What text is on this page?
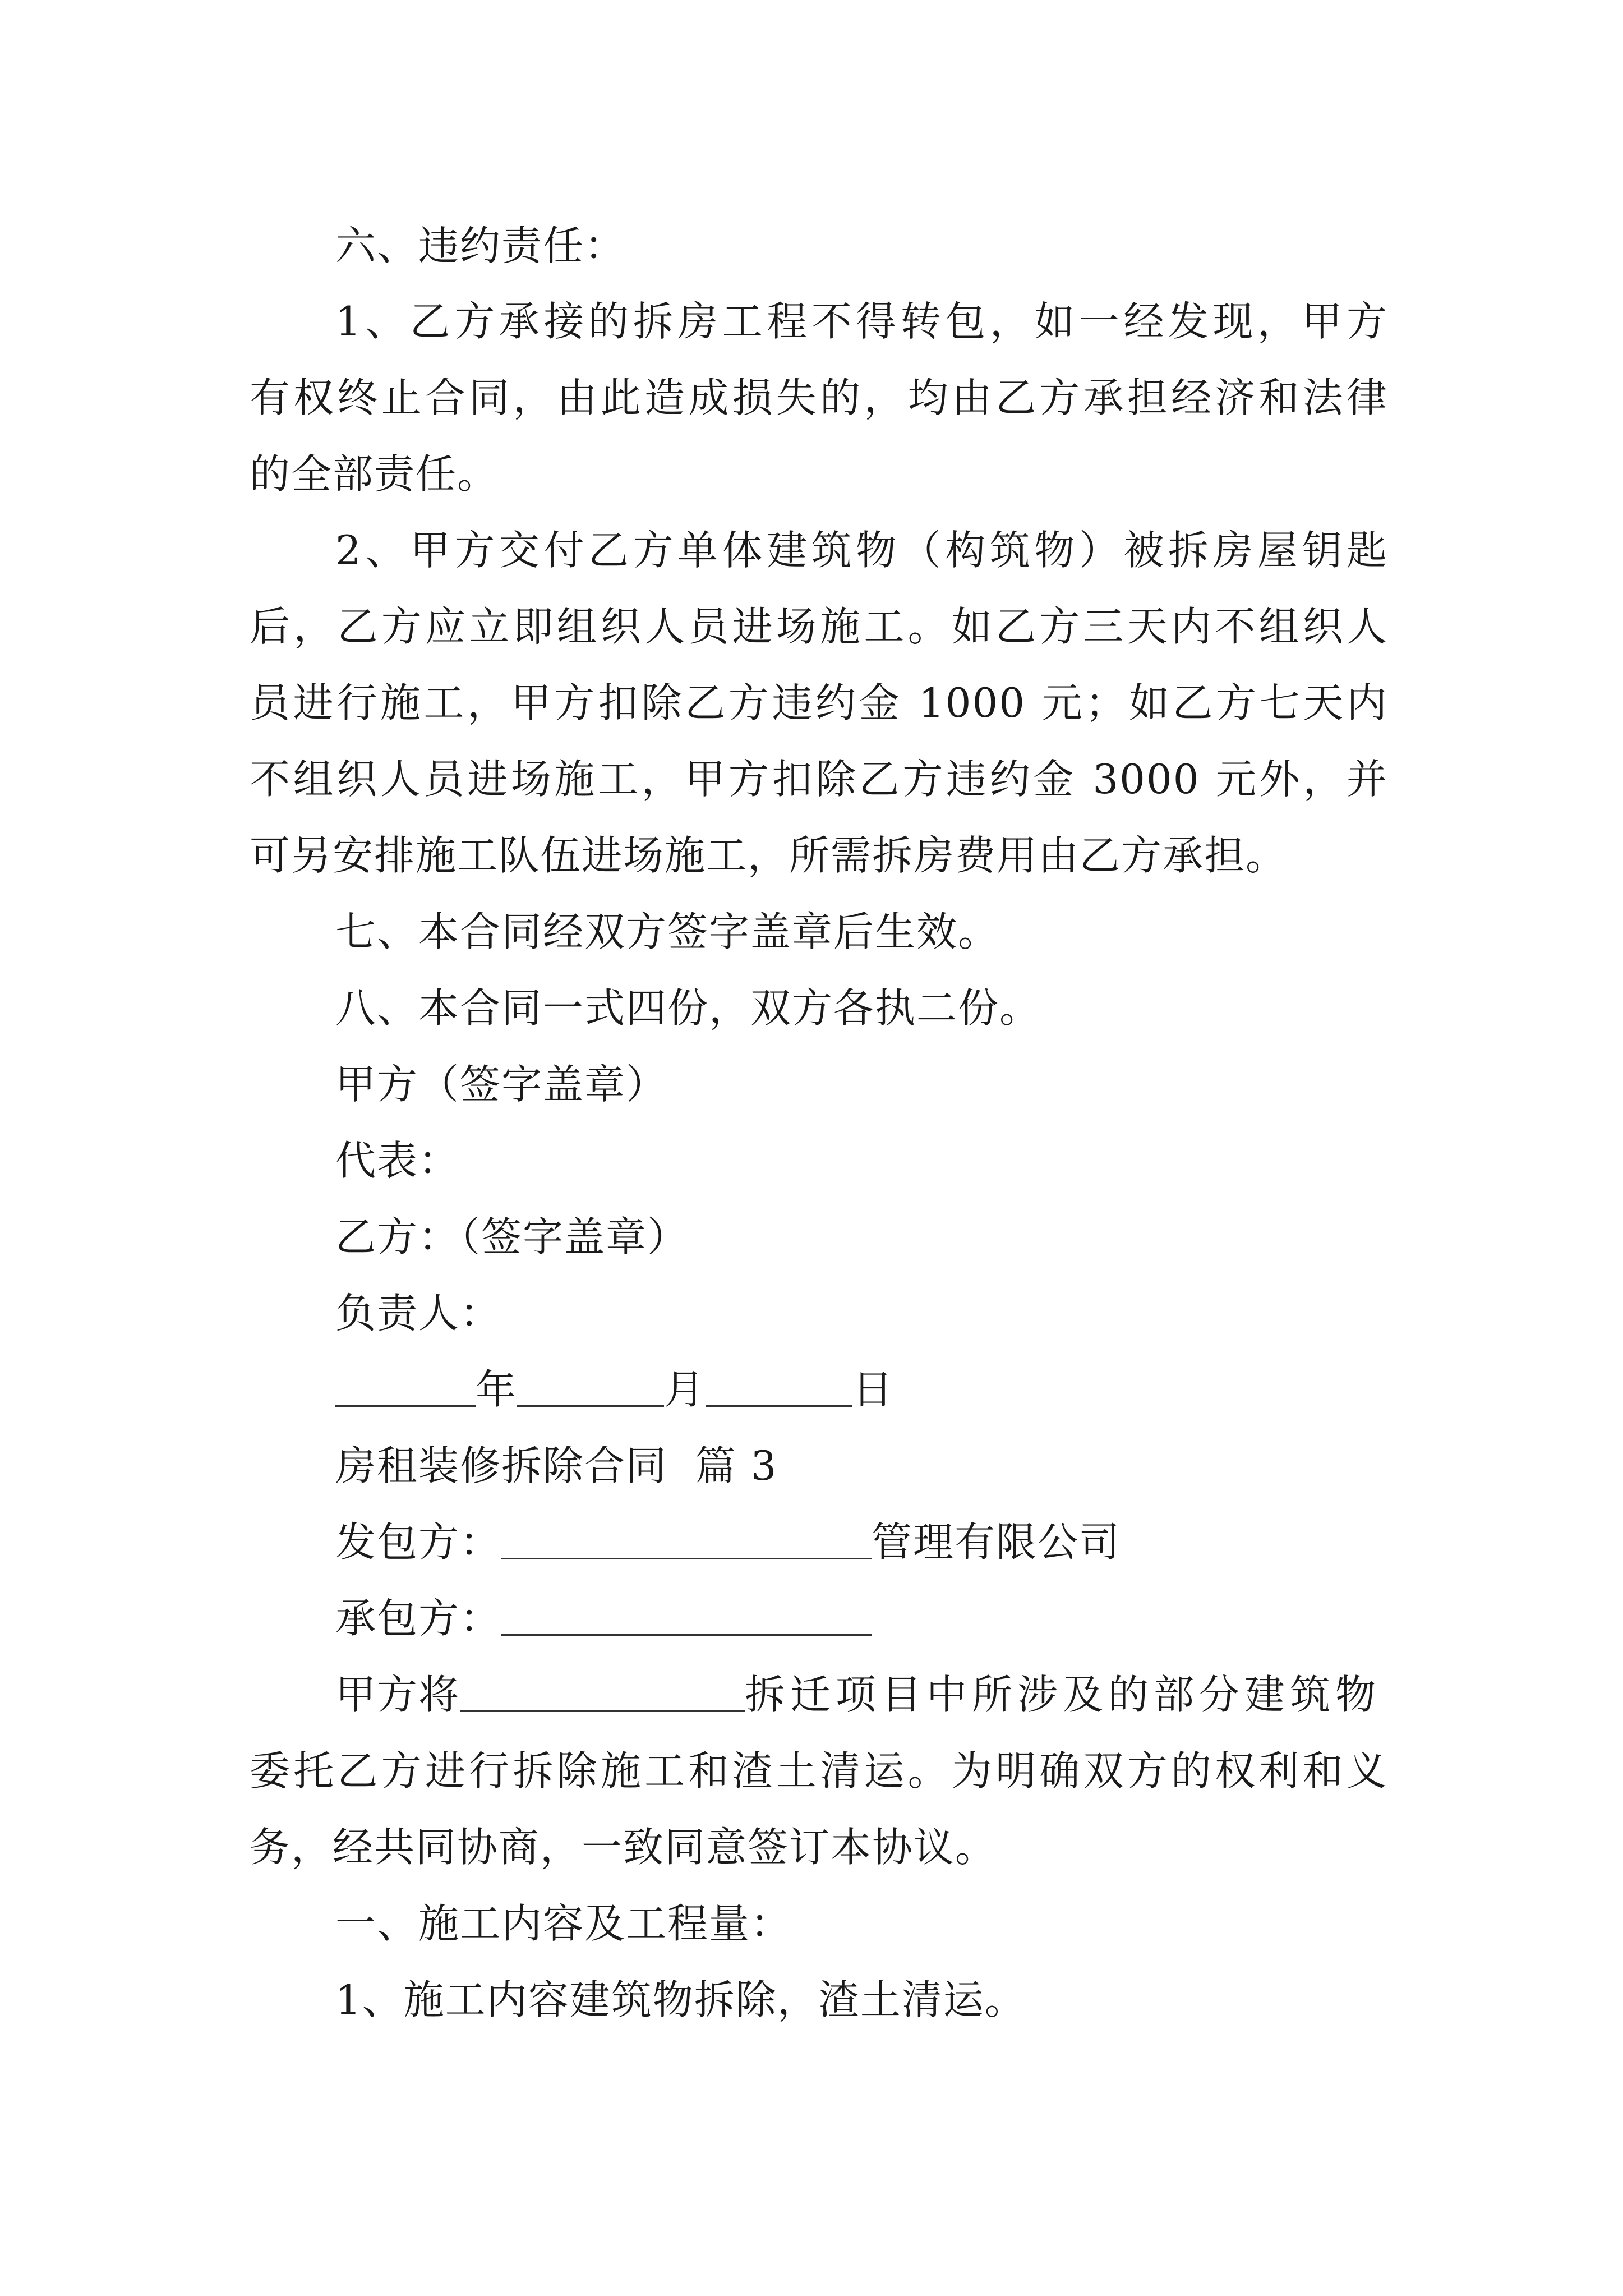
六、违约责任：
1、乙方承接的拆房工程不得转包，如一经发现，甲方
有权终止合同，由此造成损失的，均由乙方承担经济和法律
的全部责任。
2、甲方交付乙方单体建筑物（构筑物）被拆房屋钥匙
后，乙方应立即组织人员进场施工。如乙方三天内不组织人
员进行施工，甲方扣除乙方违约金 1000 元；如乙方七天内
不组织人员进场施工，甲方扣除乙方违约金 3000 元外，并
可另安排施工队伍进场施工，所需拆房费用由乙方承担。
七、本合同经双方签字盖章后生效。
八、本合同一式四份，双方各执二份。
甲方（签字盖章）
代表：
乙方：（签字盖章）
负责人：
年	月	日
房租装修拆除合同  篇 3
发包方：	管理有限公司
承包方：
甲方将	拆迁项目中所涉及的部分建筑物
委托乙方进行拆除施工和渣土清运。为明确双方的权利和义
务，经共同协商，一致同意签订本协议。
一、施工内容及工程量：
1、施工内容建筑物拆除，渣土清运。
